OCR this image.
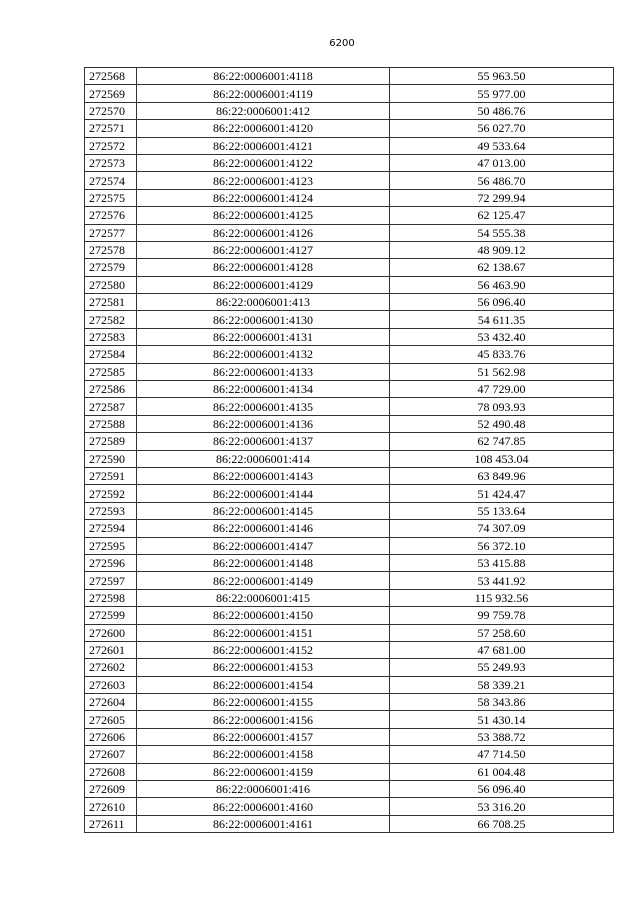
6200
272568	86:22:0006001:4118	55 963.50
272569	86:22:0006001:4119	55 977.00
272570	86:22:0006001:412	50 486.76
272571	86:22:0006001:4120	56 027.70
272572	86:22:0006001:4121	49 533.64
272573	86:22:0006001:4122	47 013.00
272574	86:22:0006001:4123	56 486.70
272575	86:22:0006001:4124	72 299.94
272576	86:22:0006001:4125	62 125.47
272577	86:22:0006001:4126	54 555.38
272578	86:22:0006001:4127	48 909.12
272579	86:22:0006001:4128	62 138.67
272580	86:22:0006001:4129	56 463.90
272581	86:22:0006001:413	56 096.40
272582	86:22:0006001:4130	54 611.35
272583	86:22:0006001:4131	53 432.40
272584	86:22:0006001:4132	45 833.76
272585	86:22:0006001:4133	51 562.98
272586	86:22:0006001:4134	47 729.00
272587	86:22:0006001:4135	78 093.93
272588	86:22:0006001:4136	52 490.48
272589	86:22:0006001:4137	62 747.85
272590	86:22:0006001:414	108 453.04
272591	86:22:0006001:4143	63 849.96
272592	86:22:0006001:4144	51 424.47
272593	86:22:0006001:4145	55 133.64
272594	86:22:0006001:4146	74 307.09
272595	86:22:0006001:4147	56 372.10
272596	86:22:0006001:4148	53 415.88
272597	86:22:0006001:4149	53 441.92
272598	86:22:0006001:415	115 932.56
272599	86:22:0006001:4150	99 759.78
272600	86:22:0006001:4151	57 258.60
272601	86:22:0006001:4152	47 681.00
272602	86:22:0006001:4153	55 249.93
272603	86:22:0006001:4154	58 339.21
272604	86:22:0006001:4155	58 343.86
272605	86:22:0006001:4156	51 430.14
272606	86:22:0006001:4157	53 388.72
272607	86:22:0006001:4158	47 714.50
272608	86:22:0006001:4159	61 004.48
272609	86:22:0006001:416	56 096.40
272610	86:22:0006001:4160	53 316.20
272611	86:22:0006001:4161	66 708.25
